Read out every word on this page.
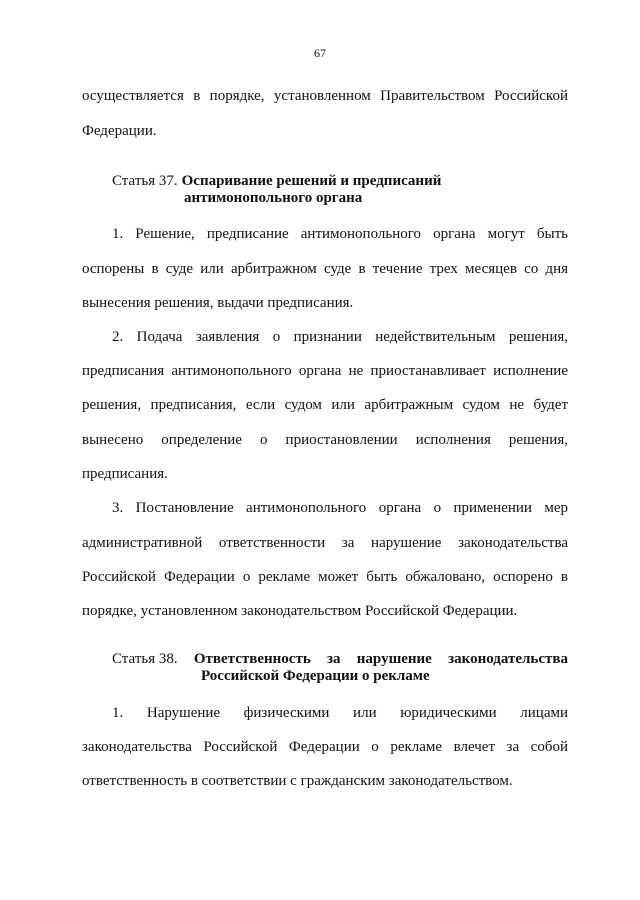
67
осуществляется в порядке, установленном Правительством Российской
Федерации.
Статья 37. Оспаривание решений и предписаний
антимонопольного органа
1. Решение, предписание антимонопольного органа могут быть
оспорены в суде или арбитражном суде в течение трех месяцев со дня
вынесения решения, выдачи предписания.
2. Подача заявления о признании недействительным решения,
предписания антимонопольного органа не приостанавливает исполнение
решения, предписания, если судом или арбитражным судом не будет
вынесено определение о приостановлении исполнения решения,
предписания.
3. Постановление антимонопольного органа о применении мер
административной ответственности за нарушение законодательства
Российской Федерации о рекламе может быть обжаловано, оспорено в
порядке, установленном законодательством Российской Федерации.
Статья 38. Ответственность за нарушение законодательства
Российской Федерации о рекламе
1. Нарушение физическими или юридическими лицами
законодательства Российской Федерации о рекламе влечет за собой
ответственность в соответствии с гражданским законодательством.
